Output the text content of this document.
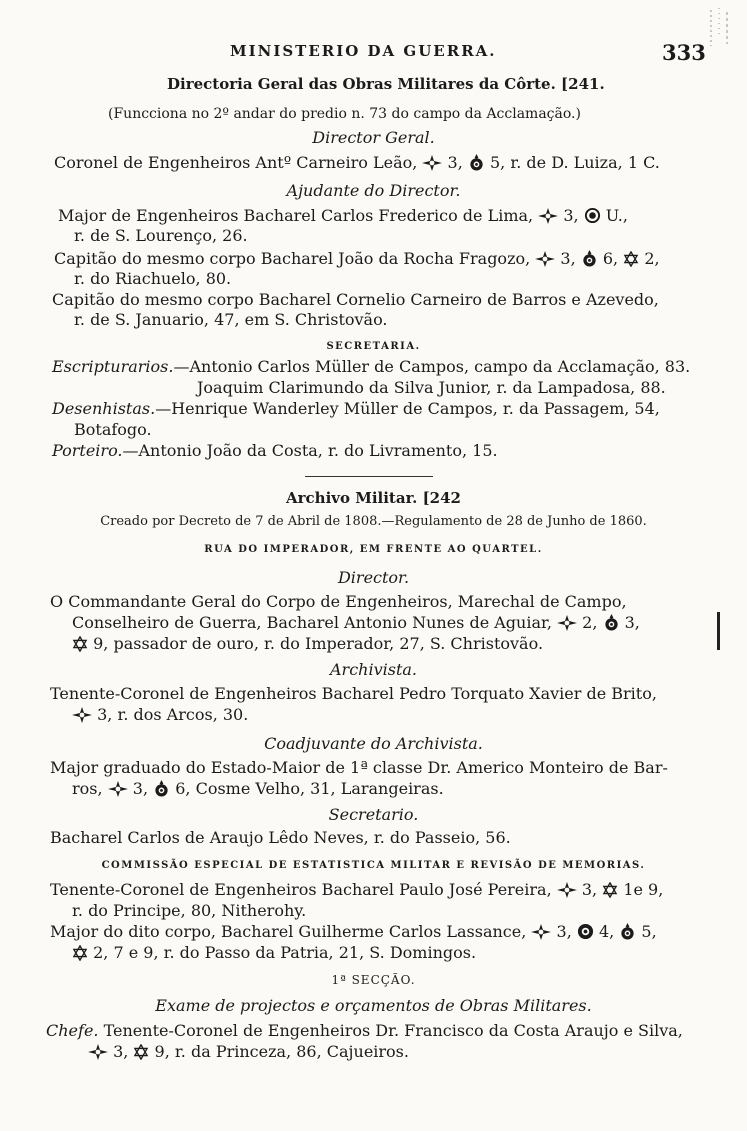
MINISTERIO DA GUERRA.	333
Directoria Geral das Obras Militares da Côrte. [241.
(Funcciona no 2º andar do predio n. 73 do campo da Acclamação.)
Director Geral.
Coronel de Engenheiros Antº Carneiro Leão, 3, 5, r. de D. Luiza, 1 C.
Ajudante do Director.
Major de Engenheiros Bacharel Carlos Frederico de Lima, 3, U.,
r. de S. Lourenço, 26.
Capitão do mesmo corpo Bacharel João da Rocha Fragozo, 3, 6, 2,
r. do Riachuelo, 80.
Capitão do mesmo corpo Bacharel Cornelio Carneiro de Barros e Azevedo,
r. de S. Januario, 47, em S. Christovão.
SECRETARIA.
Escripturarios.—Antonio Carlos Müller de Campos, campo da Acclamação, 83.
Joaquim Clarimundo da Silva Junior, r. da Lampadosa, 88.
Desenhistas.—Henrique Wanderley Müller de Campos, r. da Passagem, 54,
Botafogo.
Porteiro.—Antonio João da Costa, r. do Livramento, 15.
Archivo Militar. [242
Creado por Decreto de 7 de Abril de 1808.—Regulamento de 28 de Junho de 1860.
RUA DO IMPERADOR, EM FRENTE AO QUARTEL.
Director.
O Commandante Geral do Corpo de Engenheiros, Marechal de Campo,
Conselheiro de Guerra, Bacharel Antonio Nunes de Aguiar, 2, 3,
9, passador de ouro, r. do Imperador, 27, S. Christovão.
Archivista.
Tenente-Coronel de Engenheiros Bacharel Pedro Torquato Xavier de Brito,
3, r. dos Arcos, 30.
Coadjuvante do Archivista.
Major graduado do Estado-Maior de 1ª classe Dr. Americo Monteiro de Bar-
ros, 3, 6, Cosme Velho, 31, Larangeiras.
Secretario.
Bacharel Carlos de Araujo Lêdo Neves, r. do Passeio, 56.
COMMISSÃO ESPECIAL DE ESTATISTICA MILITAR E REVISÃO DE MEMORIAS.
Tenente-Coronel de Engenheiros Bacharel Paulo José Pereira, 3, 1e 9,
r. do Principe, 80, Nitherohy.
Major do dito corpo, Bacharel Guilherme Carlos Lassance, 3, 4, 5,
2, 7 e 9, r. do Passo da Patria, 21, S. Domingos.
1ª SECÇÃO.
Exame de projectos e orçamentos de Obras Militares.
Chefe. Tenente-Coronel de Engenheiros Dr. Francisco da Costa Araujo e Silva,
3, 9, r. da Princeza, 86, Cajueiros.
